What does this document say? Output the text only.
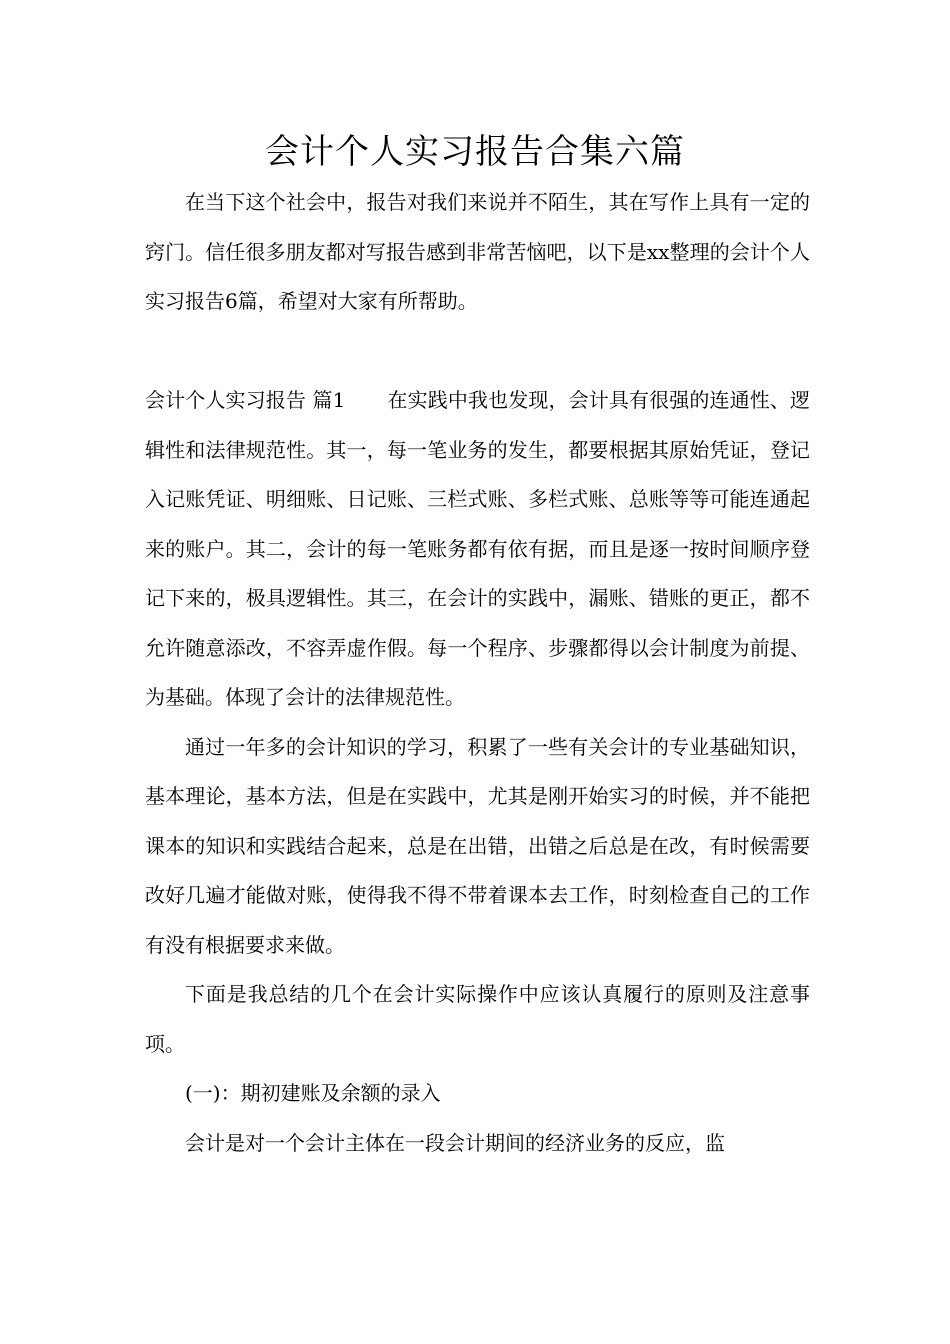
会计个人实习报告合集六篇

在当下这个社会中，报告对我们来说并不陌生，其在写作上具有一定的窍门。信任很多朋友都对写报告感到非常苦恼吧，以下是xx整理的会计个人实习报告6篇，希望对大家有所帮助。

会计个人实习报告 篇1 在实践中我也发现，会计具有很强的连通性、逻辑性和法律规范性。其一，每一笔业务的发生，都要根据其原始凭证，登记入记账凭证、明细账、日记账、三栏式账、多栏式账、总账等等可能连通起来的账户。其二，会计的每一笔账务都有依有据，而且是逐一按时间顺序登记下来的，极具逻辑性。其三，在会计的实践中，漏账、错账的更正，都不允许随意添改，不容弄虚作假。每一个程序、步骤都得以会计制度为前提、为基础。体现了会计的法律规范性。

通过一年多的会计知识的学习，积累了一些有关会计的专业基础知识，基本理论，基本方法，但是在实践中，尤其是刚开始实习的时候，并不能把课本的知识和实践结合起来，总是在出错，出错之后总是在改，有时候需要改好几遍才能做对账，使得我不得不带着课本去工作，时刻检查自己的工作有没有根据要求来做。

下面是我总结的几个在会计实际操作中应该认真履行的原则及注意事项。

(一)：期初建账及余额的录入

会计是对一个会计主体在一段会计期间的经济业务的反应，监
